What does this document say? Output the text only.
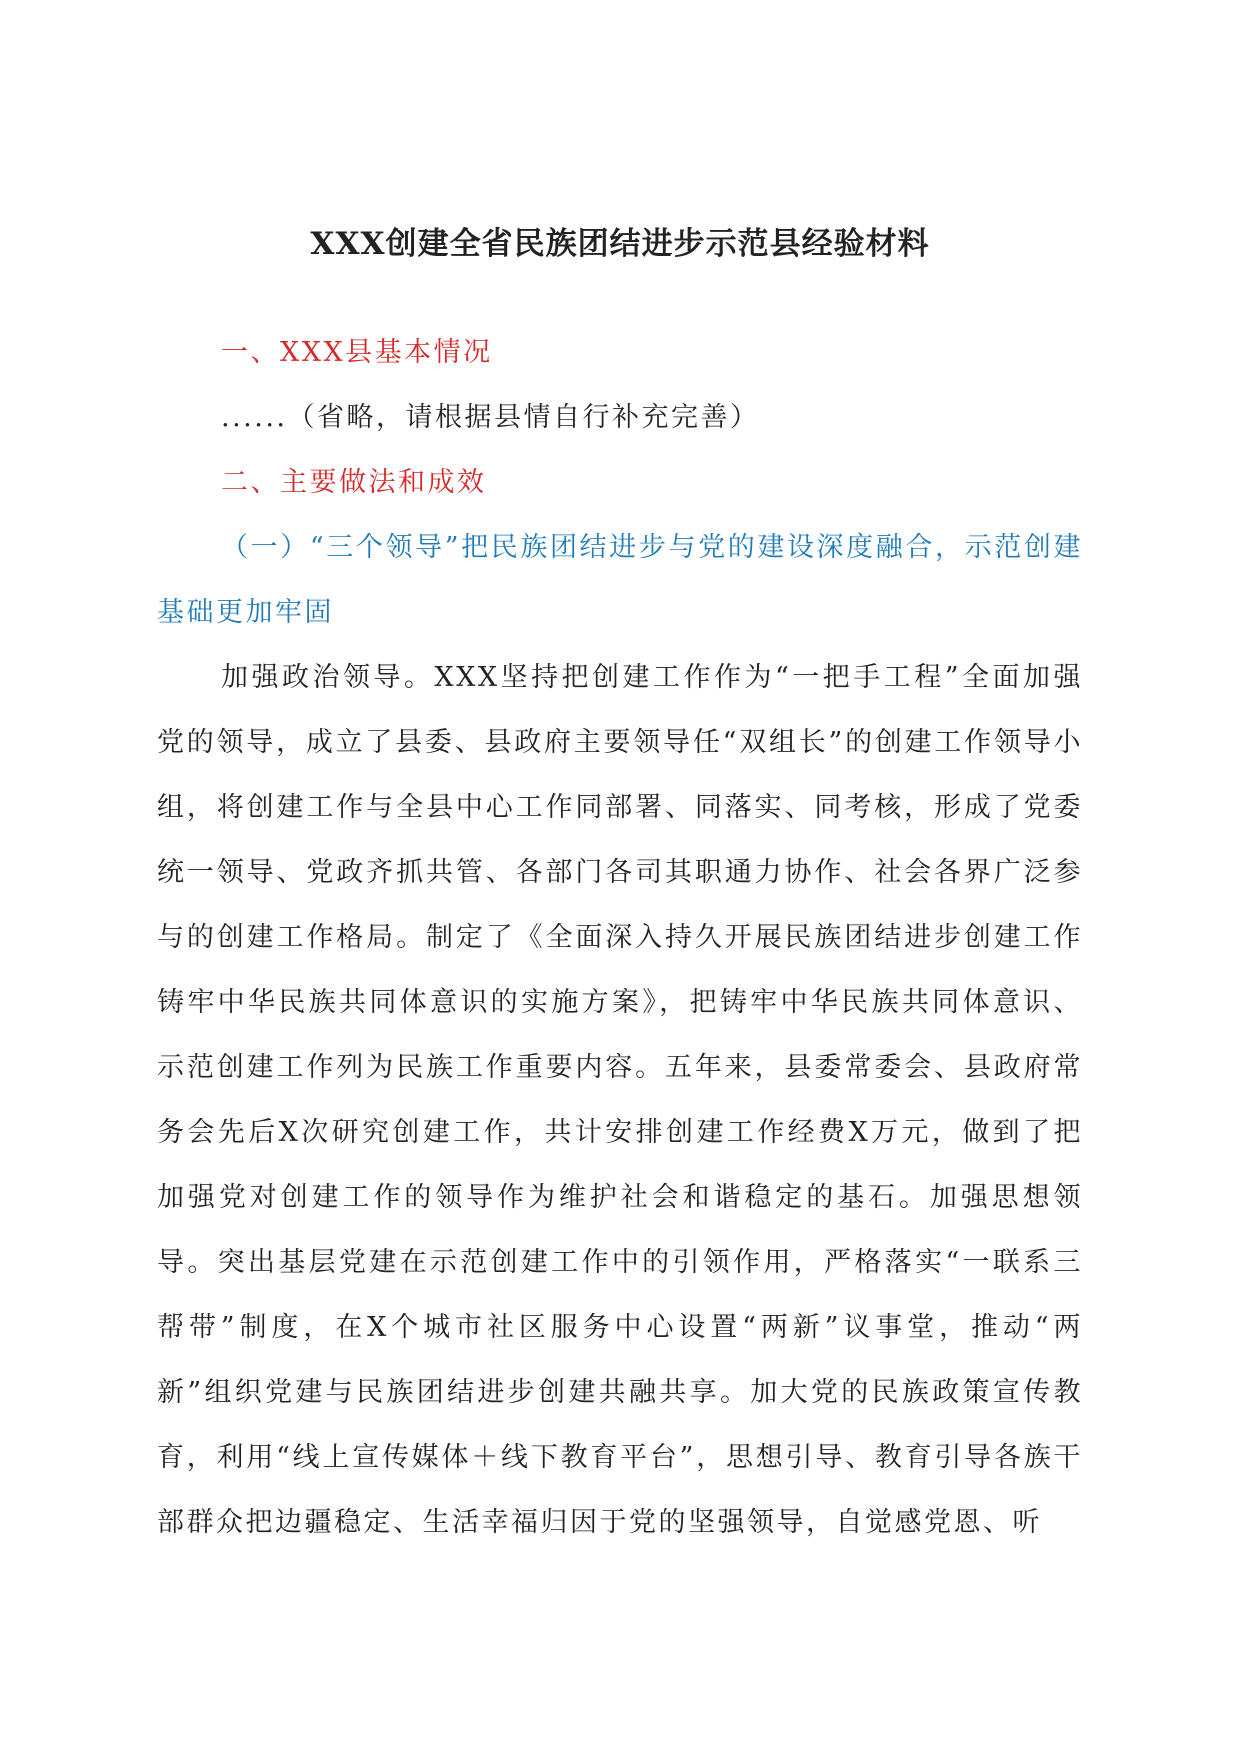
XXX创建全省民族团结进步示范县经验材料

一、XXX县基本情况

......（省略，请根据县情自行补充完善）

二、主要做法和成效

（一）“三个领导”把民族团结进步与党的建设深度融合，示范创建基础更加牢固

加强政治领导。XXX坚持把创建工作作为“一把手工程”全面加强党的领导，成立了县委、县政府主要领导任“双组长”的创建工作领导小组，将创建工作与全县中心工作同部署、同落实、同考核，形成了党委统一领导、党政齐抓共管、各部门各司其职通力协作、社会各界广泛参与的创建工作格局。制定了《全面深入持久开展民族团结进步创建工作铸牢中华民族共同体意识的实施方案》，把铸牢中华民族共同体意识、示范创建工作列为民族工作重要内容。五年来，县委常委会、县政府常务会先后X次研究创建工作，共计安排创建工作经费X万元，做到了把加强党对创建工作的领导作为维护社会和谐稳定的基石。加强思想领导。突出基层党建在示范创建工作中的引领作用，严格落实“一联系三帮带”制度，在X个城市社区服务中心设置“两新”议事堂，推动“两新”组织党建与民族团结进步创建共融共享。加大党的民族政策宣传教育，利用“线上宣传媒体＋线下教育平台”，思想引导、教育引导各族干部群众把边疆稳定、生活幸福归因于党的坚强领导，自觉感党恩、听
